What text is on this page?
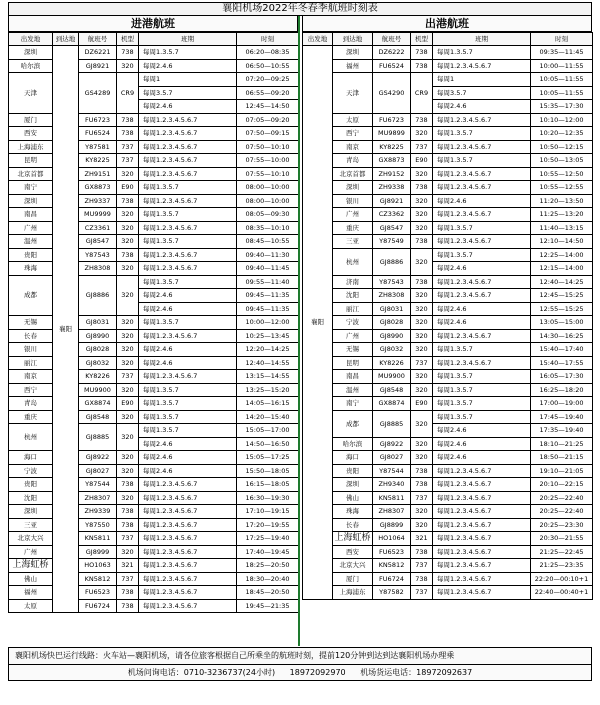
襄阳机场2022年冬春季航班时刻表
进港航班
出发地	到达地	航班号	机型	班期	时刻
深圳	襄阳	DZ6221	738	每周1.3.5.7	06:20—08:35
哈尔滨		GJ8921	320	每周2.4.6	06:50—10:55
天津		GS4289	CR9	每周1	07:20—09:25
				每周3.5.7	06:55—09:20
				每周2.4.6	12:45—14:50
厦门		FU6723	738	每周1.2.3.4.5.6.7	07:05—09:20
西安		FU6524	738	每周1.2.3.4.5.6.7	07:50—09:15
上海浦东		Y87581	737	每周1.2.3.4.5.6.7	07:50—10:10
昆明		KY8225	737	每周1.2.3.4.5.6.7	07:55—10:00
北京首都		ZH9151	320	每周1.2.3.4.5.6.7	07:55—10:10
南宁		GX8873	E90	每周1.3.5.7	08:00—10:00
深圳		ZH9337	738	每周1.2.3.4.5.6.7	08:00—10:00
南昌		MU9999	320	每周1.3.5.7	08:05—09:30
广州		CZ3361	320	每周1.2.3.4.5.6.7	08:35—10:10
温州		GJ8547	320	每周1.3.5.7	08:45—10:55
贵阳		Y87543	738	每周1.2.3.4.5.6.7	09:40—11:30
珠海		ZH8308	320	每周1.2.3.4.5.6.7	09:40—11:45
成都		GJ8886	320	每周1.3.5.7	09:55—11:40
				每周2.4.6	09:45—11:35
				每周2.4.6	09:45—11:35
无锡		GJ8031	320	每周1.3.5.7	10:00—12:00
长春		GJ8990	320	每周1.2.3.4.5.6.7	10:25—13:45
银川		GJ8028	320	每周2.4.6	12:20—14:25
丽江		GJ8032	320	每周2.4.6	12:40—14:55
南京		KY8226	737	每周1.2.3.4.5.6.7	13:15—14:55
西宁		MU9900	320	每周1.3.5.7	13:25—15:20
青岛		GX8874	E90	每周1.3.5.7	14:05—16:15
重庆		GJ8548	320	每周1.3.5.7	14:20—15:40
杭州		GJ8885	320	每周1.3.5.7	15:05—17:00
				每周2.4.6	14:50—16:50
海口		GJ8922	320	每周2.4.6	15:05—17:25
宁波		GJ8027	320	每周2.4.6	15:50—18:05
贵阳		Y87544	738	每周1.2.3.4.5.6.7	16:15—18:05
沈阳		ZH8307	320	每周1.2.3.4.5.6.7	16:30—19:30
深圳		ZH9339	738	每周1.2.3.4.5.6.7	17:10—19:15
三亚		Y87550	738	每周1.2.3.4.5.6.7	17:20—19:55
北京大兴		KN5811	737	每周1.2.3.4.5.6.7	17:25—19:40
广州		GJ8999	320	每周1.2.3.4.5.6.7	17:40—19:45
上海虹桥		HO1063	321	每周1.2.3.4.5.6.7	18:25—20:50
佛山		KN5812	737	每周1.2.3.4.5.6.7	18:30—20:40
福州		FU6523	738	每周1.2.3.4.5.6.7	18:45—20:50
太原		FU6724	738	每周1.2.3.4.5.6.7	19:45—21:35
出港航班
出发地	到达地	航班号	机型	班期	时刻
襄阳	深圳	DZ6222	738	每周1.3.5.7	09:35—11:45
	福州	FU6524	738	每周1.2.3.4.5.6.7	10:00—11:55
	天津	GS4290	CR9	每周1	10:05—11:55
				每周3.5.7	10:05—11:55
				每周2.4.6	15:35—17:30
	太原	FU6723	738	每周1.2.3.4.5.6.7	10:10—12:00
	西宁	MU9899	320	每周1.3.5.7	10:20—12:35
	南京	KY8225	737	每周1.2.3.4.5.6.7	10:50—12:15
	青岛	GX8873	E90	每周1.3.5.7	10:50—13:05
	北京首都	ZH9152	320	每周1.2.3.4.5.6.7	10:55—12:50
	深圳	ZH9338	738	每周1.2.3.4.5.6.7	10:55—12:55
	银川	GJ8921	320	每周2.4.6	11:20—13:50
	广州	CZ3362	320	每周1.2.3.4.5.6.7	11:25—13:20
	重庆	GJ8547	320	每周1.3.5.7	11:40—13:15
	三亚	Y87549	738	每周1.2.3.4.5.6.7	12:10—14:50
	杭州	GJ8886	320	每周1.3.5.7	12:25—14:00
				每周2.4.6	12:15—14:00
	济南	Y87543	738	每周1.2.3.4.5.6.7	12:40—14:25
	沈阳	ZH8308	320	每周1.2.3.4.5.6.7	12:45—15:25
	丽江	GJ8031	320	每周2.4.6	12:55—15:25
	宁波	GJ8028	320	每周2.4.6	13:05—15:00
	广州	GJ8990	320	每周1.2.3.4.5.6.7	14:30—16:25
	无锡	GJ8032	320	每周1.3.5.7	15:40—17:40
	昆明	KY8226	737	每周1.2.3.4.5.6.7	15:40—17:55
	南昌	MU9900	320	每周1.3.5.7	16:05—17:30
	温州	GJ8548	320	每周1.3.5.7	16:25—18:20
	南宁	GX8874	E90	每周1.3.5.7	17:00—19:00
	成都	GJ8885	320	每周1.3.5.7	17:45—19:40
				每周2.4.6	17:35—19:40
	哈尔滨	GJ8922	320	每周2.4.6	18:10—21:25
	海口	GJ8027	320	每周2.4.6	18:50—21:15
	贵阳	Y87544	738	每周1.2.3.4.5.6.7	19:10—21:05
	深圳	ZH9340	738	每周1.2.3.4.5.6.7	20:10—22:15
	佛山	KN5811	737	每周1.2.3.4.5.6.7	20:25—22:40
	珠海	ZH8307	320	每周1.2.3.4.5.6.7	20:25—22:40
	长春	GJ8899	320	每周1.2.3.4.5.6.7	20:25—23:30
	上海虹桥	HO1064	321	每周1.2.3.4.5.6.7	20:30—21:55
	西安	FU6523	738	每周1.2.3.4.5.6.7	21:25—22:45
	北京大兴	KN5812	737	每周1.2.3.4.5.6.7	21:25—23:35
	厦门	FU6724	738	每周1.2.3.4.5.6.7	22:20—00:10+1
	上海浦东	Y87582	737	每周1.2.3.4.5.6.7	22:40—00:40+1
襄阳机场快巴运行线路：火车站—襄阳机场，请各位旅客根据自己所乘坐的航班时刻，提前120分钟到达到达襄阳机场办理乘
机场问询电话：0710-3236737(24小时) 18972092970 机场货运电话：18972092637
